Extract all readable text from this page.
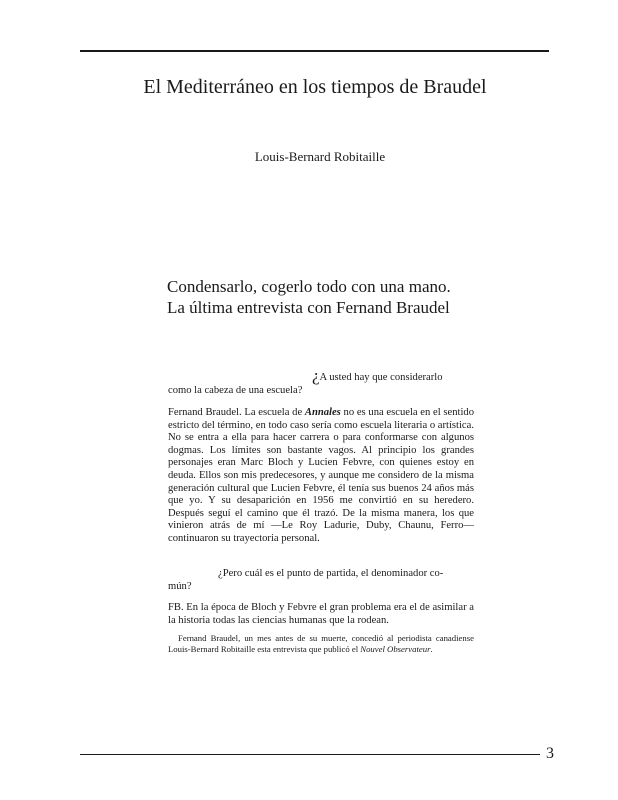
El Mediterráneo en los tiempos de Braudel
Louis-Bernard Robitaille
Condensarlo, cogerlo todo con una mano.
La última entrevista con Fernand Braudel
¿A usted hay que considerarlo
como la cabeza de una escuela?
Fernand Braudel. La escuela de Annales no es una escuela en el sentido estricto del término, en todo caso sería como escuela literaria o artística. No se entra a ella para hacer carrera o para conformarse con algunos dogmas. Los límites son bastante vagos. Al principio los grandes personajes eran Marc Bloch y Lucien Febvre, con quienes estoy en deuda. Ellos son mis predecesores, y aunque me considero de la misma generación cultural que Lucien Febvre, él tenía sus buenos 24 años más que yo. Y su desaparición en 1956 me convirtió en su heredero. Después seguí el camino que él trazó. De la misma manera, los que vinieron atrás de mí —Le Roy Ladurie, Duby, Chaunu, Ferro— continuaron su trayectoria personal.
¿Pero cuál es el punto de partida, el denominador co-
mún?
FB. En la época de Bloch y Febvre el gran problema era el de asimilar a la historia todas las ciencias humanas que la rodean.
Fernand Braudel, un mes antes de su muerte, concedió al periodista canadiense Louis-Bernard Robitaille esta entrevista que publicó el Nouvel Observateur.
3
